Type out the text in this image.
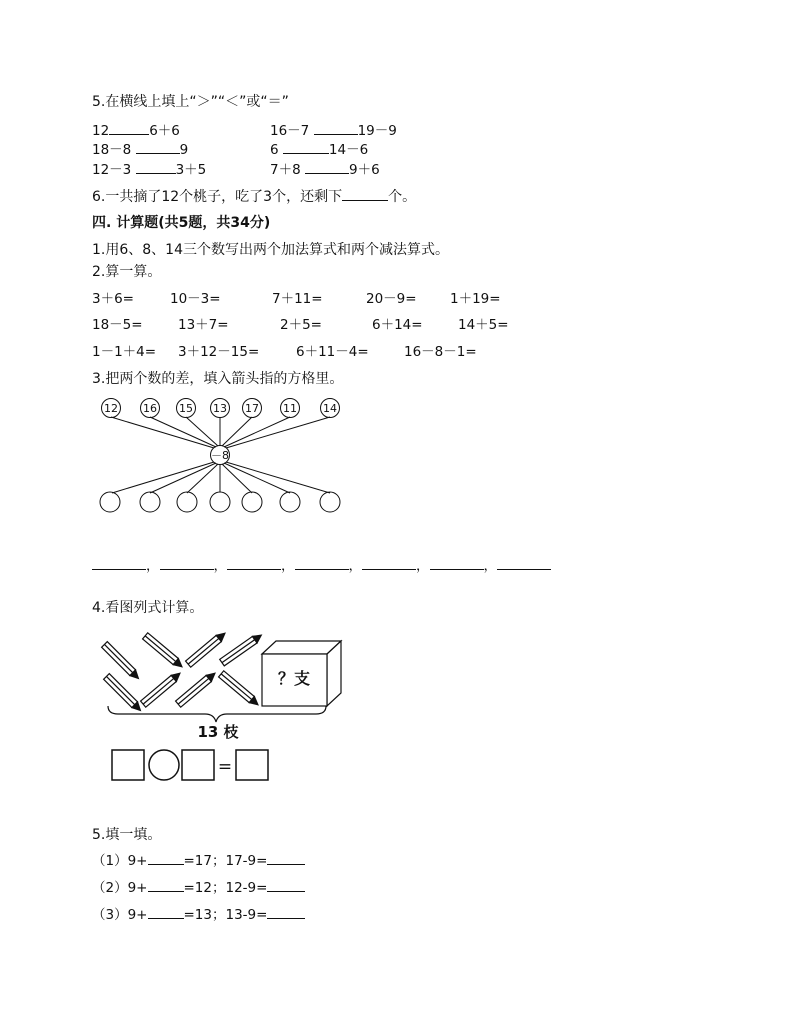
5.在横线上填上“＞”“＜”或“＝”
12	6＋6	16－7	19－9
18－8	9	6	14－6
12－3	3＋5	7＋8	9＋6
6.一共摘了12个桃子，吃了3个，还剩下	个。
四. 计算题(共5题，共34分)
1.用6、8、14三个数写出两个加法算式和两个减法算式。
2.算一算。
3＋6=	10－3=	7＋11=	20－9= 1＋19=
18－5=	13＋7=	2＋5=	6＋14=	14＋5=
1－1＋4= 3＋12－15=	6＋11－4=	16－8－1=
3.把两个数的差，填入箭头指的方格里。
12 16 15 13 17 11 14
－8
，	，	，	，	，	，
4.看图列式计算。
？支
13 枝
=
5.填一填。
（1）9+	=17；17-9=
（2）9+	=12；12-9=
（3）9+	=13；13-9=
